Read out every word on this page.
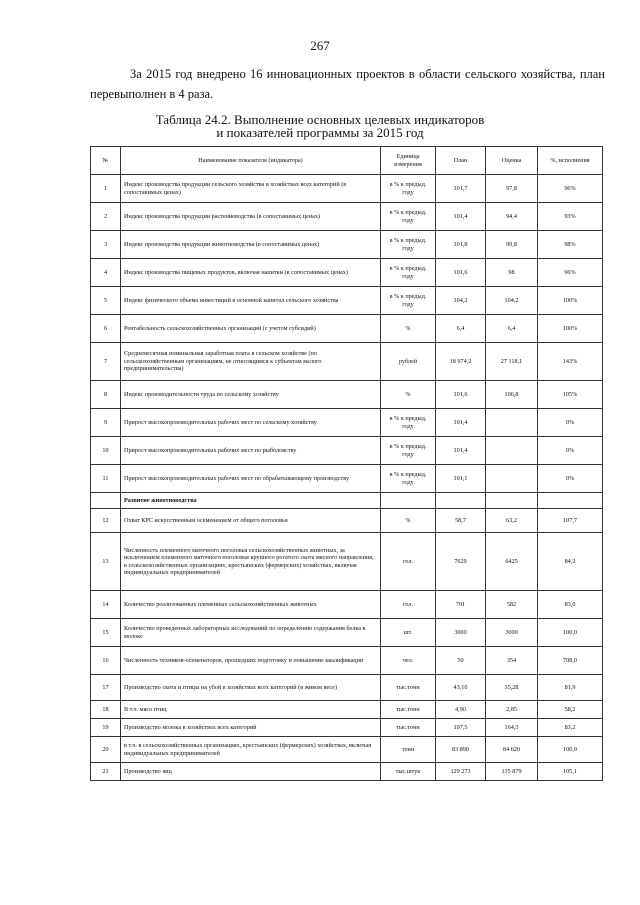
267
За 2015 год внедрено 16 инновационных проектов в области сельского хозяйства, план перевыполнен в 4 раза.
Таблица 24.2. Выполнение основных целевых индикаторов
и показателей программы за 2015 год
№	Наименование показателя (индикатора)	Единица измерения	План	Оценка	%, исполнения
1	Индекс производства продукции сельского хозяйства в хозяйствах всех категорий (в сопоставимых ценах)	в % к предыд. году	101,7	97,8	96%
2	Индекс производства продукции растениеводства (в сопоставимых ценах)	в % к предыд. году	101,4	94,4	93%
3	Индекс производства продукции животноводства (в сопоставимых ценах)	в % к предыд. году	101,8	99,8	98%
4	Индекс производства пищевых продуктов, включая напитки (в сопоставимых ценах)	в % к предыд. году	101,6	98	96%
5	Индекс физического объема инвестиций в основной капитал сельского хозяйства	в % к предыд. году	104,2	104,2	100%
6	Рентабельность сельскохозяйственных организаций (с учетом субсидий)	%	6,4	6,4	100%
7	Среднемесячная номинальная заработная плата в сельском хозяйстве (по сельскохозяйственным организациям, не относящимся к субъектам малого предпринимательства)	рублей	18 974,2	27 118,1	143%
8	Индекс производительности труда по сельскому хозяйству	%	101,6	106,8	105%
9	Прирост высокопроизводительных рабочих мест по сельскому хозяйству	в % к предыд. году	101,4		0%
10	Прирост высокопроизводительных рабочих мест по рыболовству	в % к предыд. году	101,4		0%
11	Прирост высокопроизводительных рабочих мест по обрабатывающему производству	в % к предыд. году	101,1		0%
	Развитие животноводства				
12	Охват КРС искусственным осеменением от общего поголовья	%	58,7	63,2	107,7
13	Численность племенного маточного поголовья сельскохозяйственных животных, за исключением племенного маточного поголовья крупного рогатого скота мясного направления, в сельскохозяйственных организациях, крестьянских (фермерских) хозяйствах, включая индивидуальных предпринимателей	гол.	7629	6425	84,2
14	Количество реализованных племенных сельскохозяйственных животных	гол.	701	582	83,0
15	Количество проведенных лабораторных исследований по определению содержания белка в молоке	шт.	3000	3000	100,0
16	Численность техников-осеменаторов, прошедших подготовку и повышение квалификации	чел.	50	354	708,0
17	Производство скота и птицы на убой в хозяйствах всех категорий (в живом весе)	тыс.тонн	43,10	35,28	81,9
18	В т.ч. мясо птиц	тыс.тонн	4,90	2,85	58,2
19	Производство молока в хозяйствах всех категорий	тыс.тонн	197,5	164,3	83,2
20	в т.ч. в сельскохозяйственных организациях, крестьянских (фермерских) хозяйствах, включая индивидуальных предпринимателей	тонн	83 890	84 620	100,9
21	Производство яиц	тыс.штук	129 273	135 879	105,1
